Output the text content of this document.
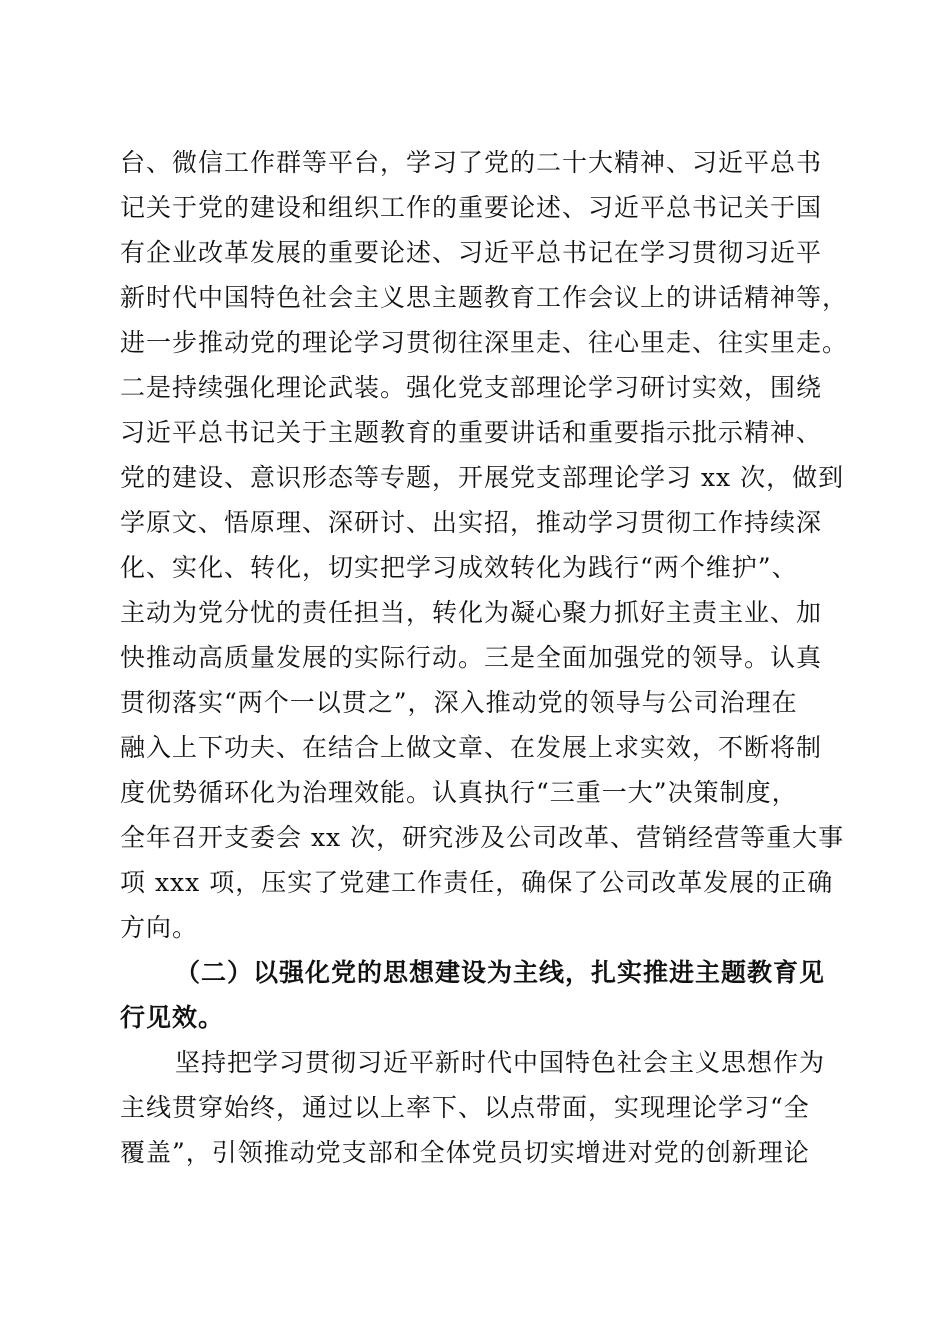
台、微信工作群等平台，学习了党的二十大精神、习近平总书
记关于党的建设和组织工作的重要论述、习近平总书记关于国
有企业改革发展的重要论述、习近平总书记在学习贯彻习近平
新时代中国特色社会主义思主题教育工作会议上的讲话精神等，
进一步推动党的理论学习贯彻往深里走、往心里走、往实里走。
二是持续强化理论武装。强化党支部理论学习研讨实效，围绕
习近平总书记关于主题教育的重要讲话和重要指示批示精神、
党的建设、意识形态等专题，开展党支部理论学习 xx 次，做到
学原文、悟原理、深研讨、出实招，推动学习贯彻工作持续深
化、实化、转化，切实把学习成效转化为践行“两个维护”、
主动为党分忧的责任担当，转化为凝心聚力抓好主责主业、加
快推动高质量发展的实际行动。三是全面加强党的领导。认真
贯彻落实“两个一以贯之”，深入推动党的领导与公司治理在
融入上下功夫、在结合上做文章、在发展上求实效，不断将制
度优势循环化为治理效能。认真执行“三重一大”决策制度，
全年召开支委会 xx 次，研究涉及公司改革、营销经营等重大事
项 xxx 项，压实了党建工作责任，确保了公司改革发展的正确
方向。
（二）以强化党的思想建设为主线，扎实推进主题教育见
行见效。
坚持把学习贯彻习近平新时代中国特色社会主义思想作为
主线贯穿始终，通过以上率下、以点带面，实现理论学习“全
覆盖”，引领推动党支部和全体党员切实增进对党的创新理论
